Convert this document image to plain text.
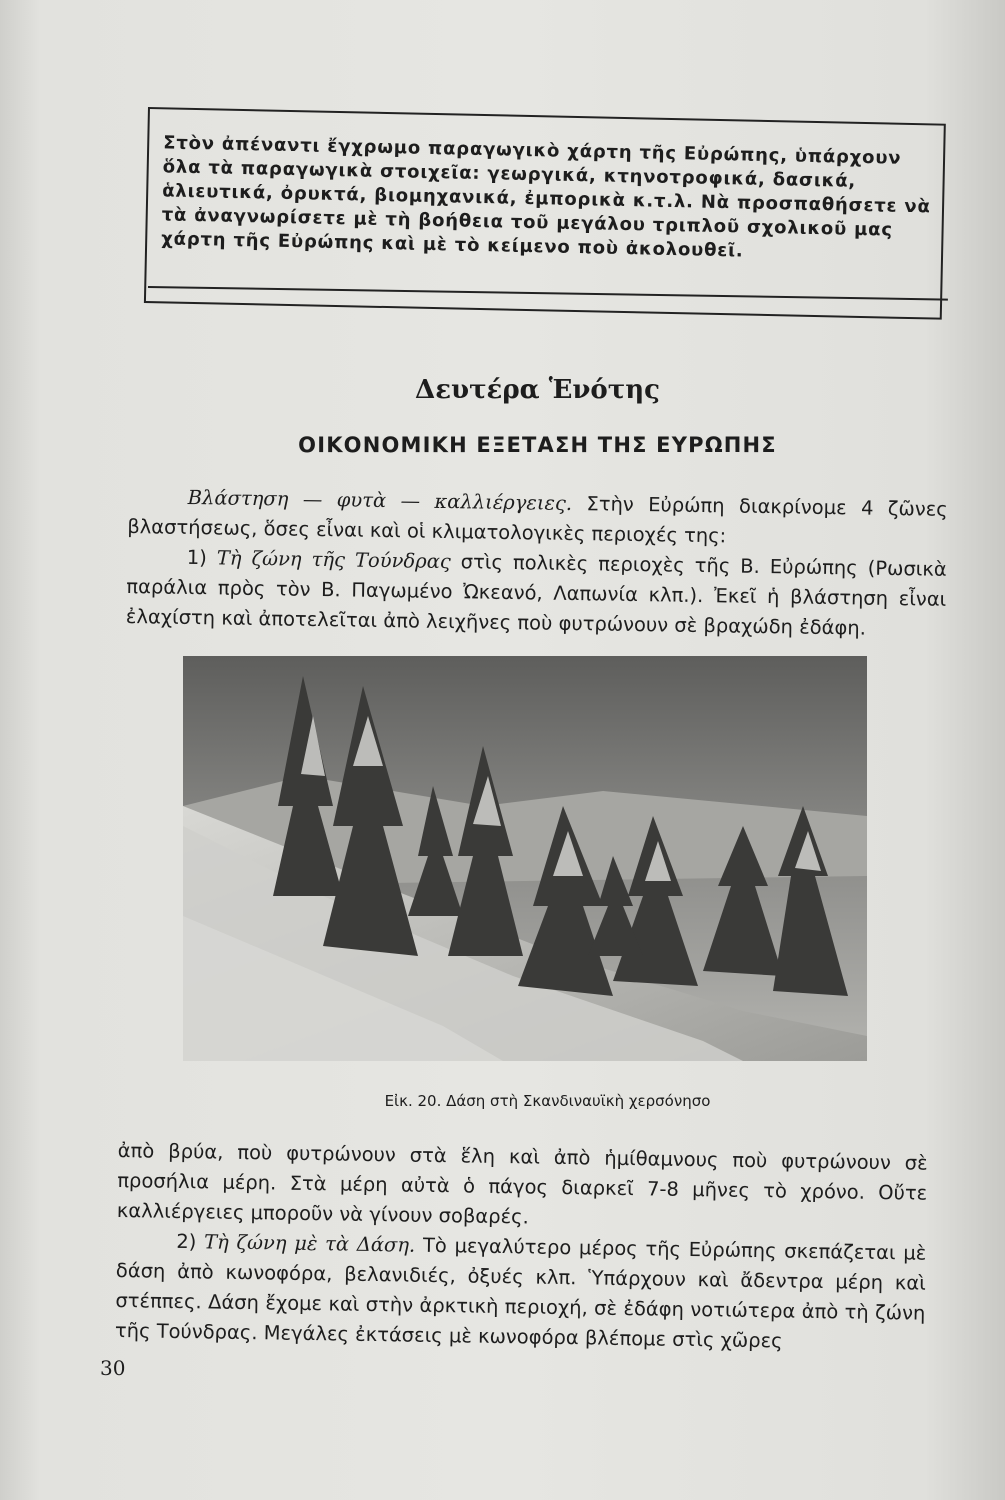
Στὸν ἀπέναντι ἔγχρωμο παραγωγικὸ χάρτη τῆς Εὐρώπης, ὑπάρχουν ὅλα τὰ παραγωγικὰ στοιχεῖα: γεωργικά, κτηνοτροφικά, δασικά, ἁλιευτικά, ὀρυκτά, βιομηχανικά, ἐμπορικὰ κ.τ.λ. Νὰ προσπαθήσετε νὰ τὰ ἀναγνωρίσετε μὲ τὴ βοήθεια τοῦ μεγάλου τριπλοῦ σχολικοῦ μας χάρτη τῆς Εὐρώπης καὶ μὲ τὸ κείμενο ποὺ ἀκολουθεῖ.

Δευτέρα Ἑνότης
ΟΙΚΟΝΟΜΙΚΗ ΕΞΕΤΑΣΗ ΤΗΣ ΕΥΡΩΠΗΣ

Βλάστηση — φυτὰ — καλλιέργειες. Στὴν Εὐρώπη διακρίνομε 4 ζῶνες βλαστήσεως, ὅσες εἶναι καὶ οἱ κλιματολογικὲς περιοχές της:

1) Τὴ ζώνη τῆς Τούνδρας στὶς πολικὲς περιοχὲς τῆς Β. Εὐρώπης (Ρωσικὰ παράλια πρὸς τὸν Β. Παγωμένο Ὠκεανό, Λαπωνία κλπ.). Ἐκεῖ ἡ βλάστηση εἶναι ἐλαχίστη καὶ ἀποτελεῖται ἀπὸ λειχῆνες ποὺ φυτρώνουν σὲ βραχώδη ἐδάφη.

Εἰκ. 20. Δάση στὴ Σκανδιναυϊκὴ χερσόνησο

ἀπὸ βρύα, ποὺ φυτρώνουν στὰ ἕλη καὶ ἀπὸ ἡμίθαμνους ποὺ φυτρώνουν σὲ προσήλια μέρη. Στὰ μέρη αὐτὰ ὁ πάγος διαρκεῖ 7-8 μῆνες τὸ χρόνο. Οὔτε καλλιέργειες μποροῦν νὰ γίνουν σοβαρές.

2) Τὴ ζώνη μὲ τὰ Δάση. Τὸ μεγαλύτερο μέρος τῆς Εὐρώπης σκεπάζεται μὲ δάση ἀπὸ κωνοφόρα, βελανιδιές, ὀξυές κλπ. Ὑπάρχουν καὶ ἄδεντρα μέρη καὶ στέππες. Δάση ἔχομε καὶ στὴν ἀρκτικὴ περιοχή, σὲ ἐδάφη νοτιώτερα ἀπὸ τὴ ζώνη τῆς Τούνδρας. Μεγάλες ἐκτάσεις μὲ κωνοφόρα βλέπομε στὶς χῶρες

30
